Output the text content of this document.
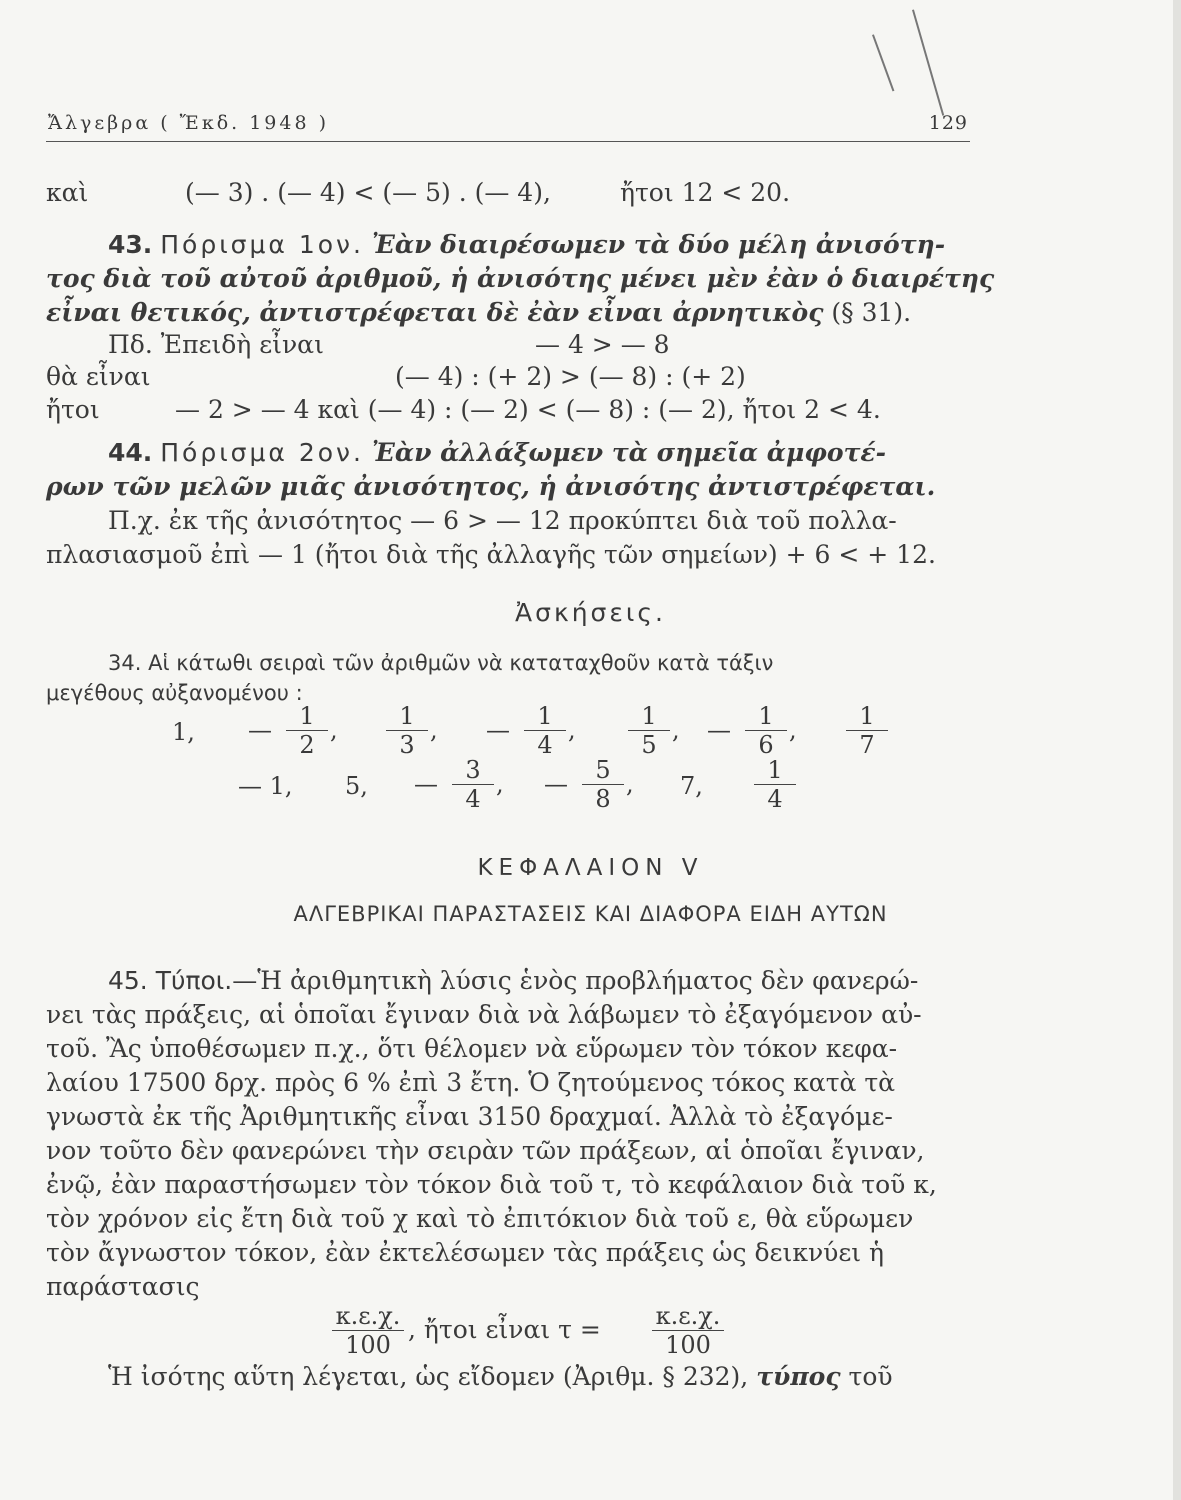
Ἄλγεβρα ( Ἔκδ. 1948 )	129
καὶ	(— 3) . (— 4) < (— 5) . (— 4),	ἤτοι 12 < 20.
43. Πόρισμα 1ον. Ἐὰν διαιρέσωμεν τὰ δύο μέλη ἀνισότη-
τος διὰ τοῦ αὐτοῦ ἀριθμοῦ, ἡ ἀνισότης μένει μὲν ἐὰν ὁ διαιρέτης
εἶναι θετικός, ἀντιστρέφεται δὲ ἐὰν εἶναι ἀρνητικὸς (§ 31).
Πδ. Ἐπειδὴ εἶναι	— 4 > — 8
θὰ εἶναι	(— 4) : (+ 2) > (— 8) : (+ 2)
ἤτοι	— 2 > — 4 καὶ (— 4) : (— 2) < (— 8) : (— 2), ἤτοι 2 < 4.
44. Πόρισμα 2ον. Ἐὰν ἀλλάξωμεν τὰ σημεῖα ἀμφοτέ-
ρων τῶν μελῶν μιᾶς ἀνισότητος, ἡ ἀνισότης ἀντιστρέφεται.
Π.χ. ἐκ τῆς ἀνισότητος — 6 > — 12 προκύπτει διὰ τοῦ πολλα-
πλασιασμοῦ ἐπὶ — 1 (ἤτοι διὰ τῆς ἀλλαγῆς τῶν σημείων) + 6 < + 12.
Ἀσκήσεις.
34. Αἱ κάτωθι σειραὶ τῶν ἀριθμῶν νὰ καταταχθοῦν κατὰ τάξιν
μεγέθους αὐξανομένου :
1, —	1
2
,	1
3
, —	1
4
,	1
5
, —	1
6
,	1
7
— 1, 5,	7,
—	3
4
, —	5
8
,	1
4
ΚΕΦΑΛΑΙΟΝ V
ΑΛΓΕΒΡΙΚΑΙ ΠΑΡΑΣΤΑΣΕΙΣ ΚΑΙ ΔΙΑΦΟΡΑ ΕΙΔΗ ΑΥΤΩΝ
45. Τύποι.—Ἡ ἀριθμητικὴ λύσις ἑνὸς προβλήματος δὲν φανερώ-
νει τὰς πράξεις, αἱ ὁποῖαι ἔγιναν διὰ νὰ λάβωμεν τὸ ἐξαγόμενον αὐ-
τοῦ. Ἂς ὑποθέσωμεν π.χ., ὅτι θέλομεν νὰ εὕρωμεν τὸν τόκον κεφα-
λαίου 17500 δρχ. πρὸς 6 % ἐπὶ 3 ἔτη. Ὁ ζητούμενος τόκος κατὰ τὰ
γνωστὰ ἐκ τῆς Ἀριθμητικῆς εἶναι 3150 δραχμαί. Ἀλλὰ τὸ ἐξαγόμε-
νον τοῦτο δὲν φανερώνει τὴν σειρὰν τῶν πράξεων, αἱ ὁποῖαι ἔγιναν,
ἐνῷ, ἐὰν παραστήσωμεν τὸν τόκον διὰ τοῦ τ, τὸ κεφάλαιον διὰ τοῦ κ,
τὸν χρόνον εἰς ἔτη διὰ τοῦ χ καὶ τὸ ἐπιτόκιον διὰ τοῦ ε, θὰ εὕρωμεν
τὸν ἄγνωστον τόκον, ἐὰν ἐκτελέσωμεν τὰς πράξεις ὡς δεικνύει ἡ
παράστασις
κ.ε.χ.
100
, ἤτοι εἶναι τ =	κ.ε.χ.
100
Ἡ ἰσότης αὕτη λέγεται, ὡς εἴδομεν (Ἀριθμ. § 232), τύπος τοῦ
